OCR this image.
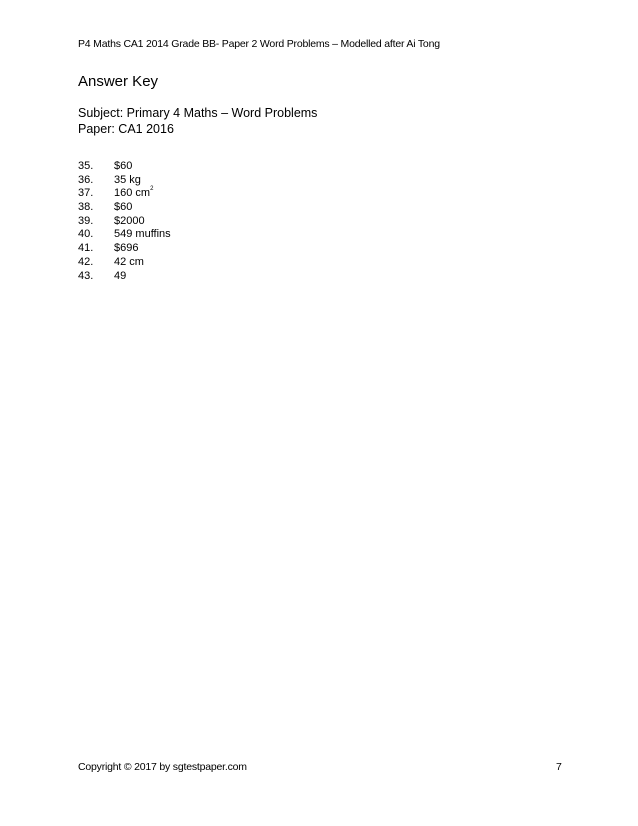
P4 Maths CA1 2014 Grade BB- Paper 2 Word Problems – Modelled after Ai Tong
Answer Key
Subject: Primary 4 Maths – Word Problems
Paper: CA1 2016
35. $60
36. 35 kg
37. 160 $cm^2$
38. $60
39. $2000
40. 549 muffins
41. $696
42. 42 cm
43. 49
Copyright © 2017 by sgtestpaper.com	7
